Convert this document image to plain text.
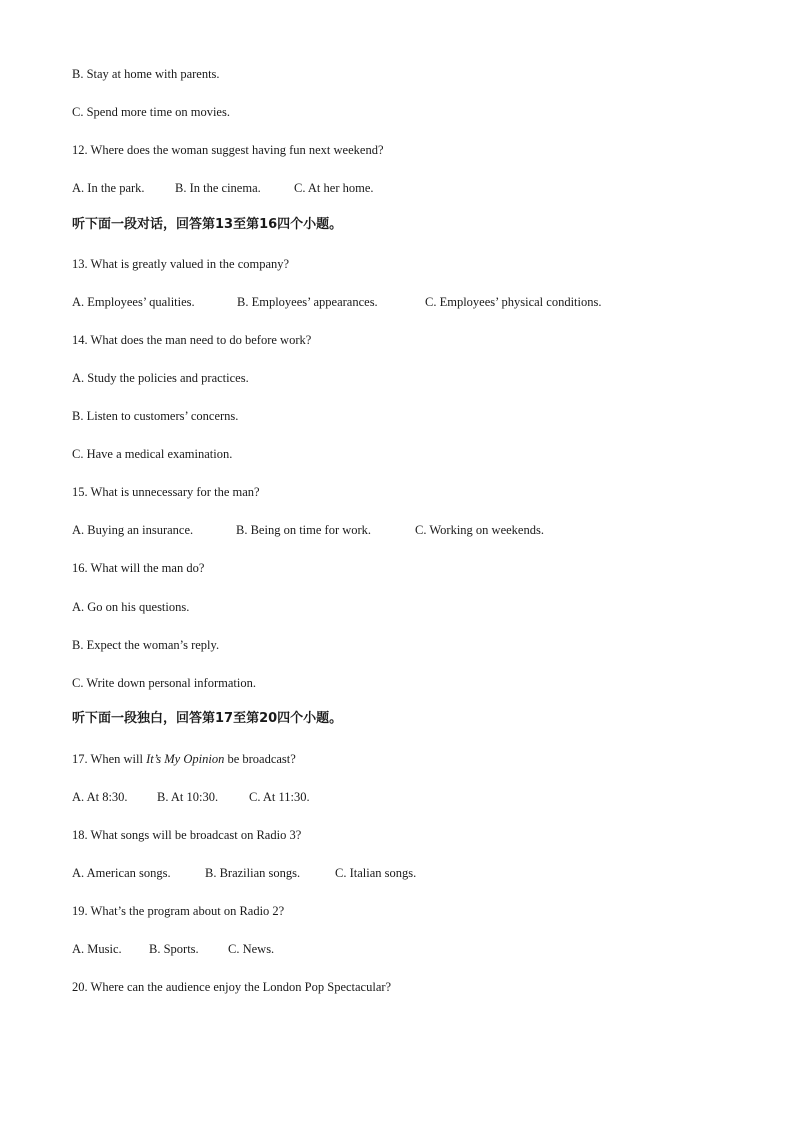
B. Stay at home with parents.
C. Spend more time on movies.
12. Where does the woman suggest having fun next weekend?
A. In the park. B. In the cinema.	C. At her home.
听下面一段对话，回答第13至第16四个小题。
13. What is greatly valued in the company?
A. Employees’ qualities.	B. Employees’ appearances.	C. Employees’ physical conditions.
14. What does the man need to do before work?
A. Study the policies and practices.
B. Listen to customers’ concerns.
C. Have a medical examination.
15. What is unnecessary for the man?
A. Buying an insurance.	B. Being on time for work.	C. Working on weekends.
16. What will the man do?
A. Go on his questions.
B. Expect the woman’s reply.
C. Write down personal information.
听下面一段独白，回答第17至第20四个小题。
17. When will It’s My Opinion be broadcast?
A. At 8:30. B. At 10:30. C. At 11:30.
18. What songs will be broadcast on Radio 3?
A. American songs.	B. Brazilian songs.	C. Italian songs.
19. What’s the program about on Radio 2?
A. Music. B. Sports. C. News.
20. Where can the audience enjoy the London Pop Spectacular?
